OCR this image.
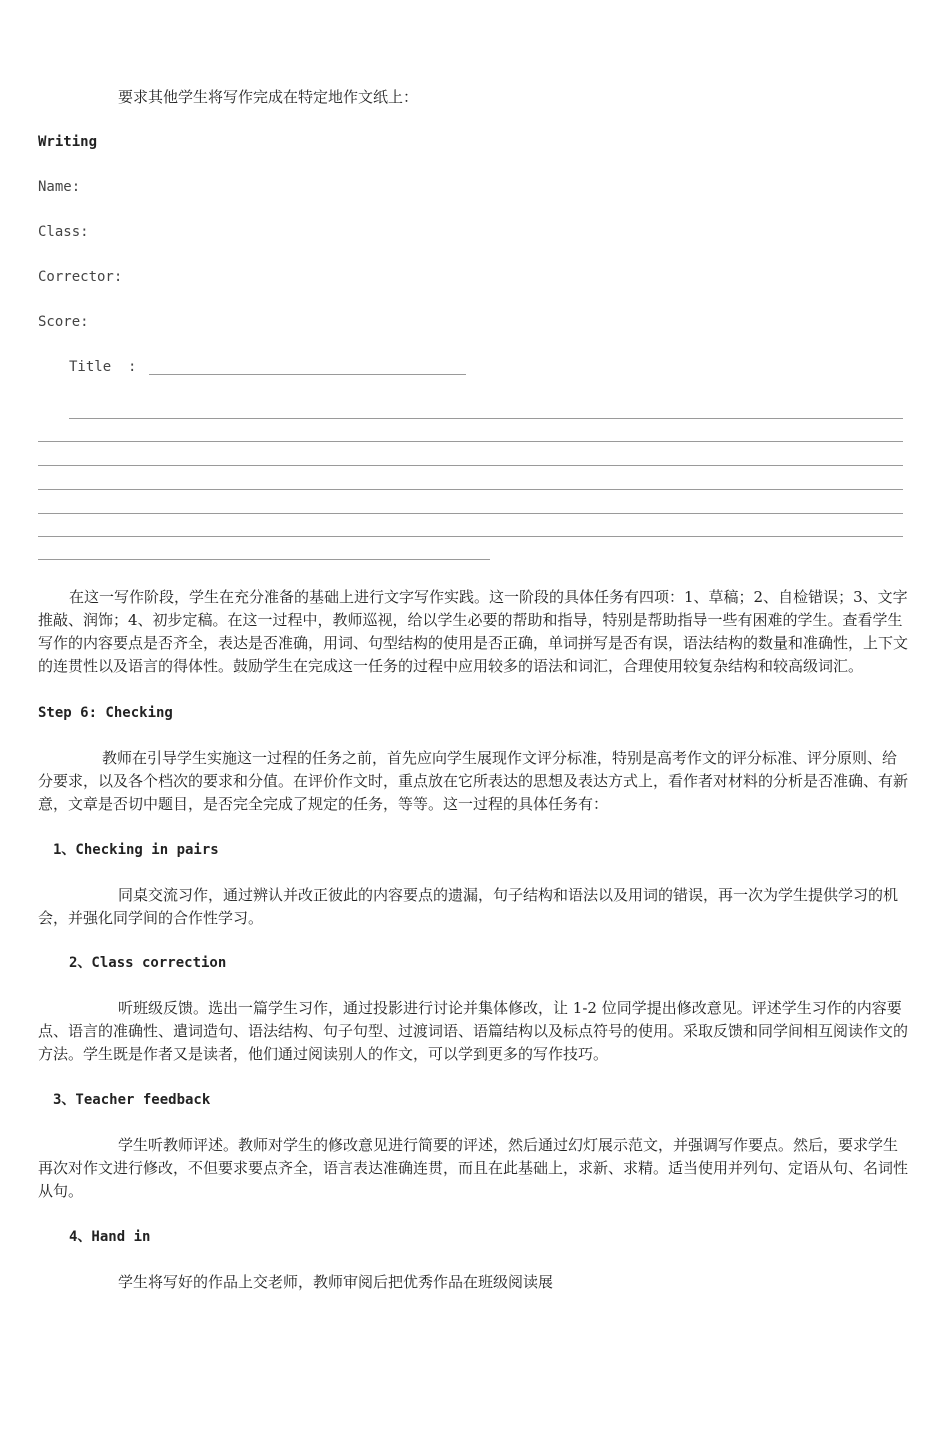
要求其他学生将写作完成在特定地作文纸上：

Writing

Name:

Class:

Corrector:

Score:

Title  :

在这一写作阶段，学生在充分准备的基础上进行文字写作实践。这一阶段的具体任务有四项：1、草稿；2、自检错误；3、文字推敲、润饰；4、初步定稿。在这一过程中，教师巡视，给以学生必要的帮助和指导，特别是帮助指导一些有困难的学生。查看学生写作的内容要点是否齐全，表达是否准确，用词、句型结构的使用是否正确，单词拼写是否有误，语法结构的数量和准确性，上下文的连贯性以及语言的得体性。鼓励学生在完成这一任务的过程中应用较多的语法和词汇，合理使用较复杂结构和较高级词汇。

Step 6: Checking

教师在引导学生实施这一过程的任务之前，首先应向学生展现作文评分标准，特别是高考作文的评分标准、评分原则、给分要求，以及各个档次的要求和分值。在评价作文时，重点放在它所表达的思想及表达方式上，看作者对材料的分析是否准确、有新意，文章是否切中题目，是否完全完成了规定的任务，等等。这一过程的具体任务有：

1、Checking in pairs

同桌交流习作，通过辨认并改正彼此的内容要点的遗漏，句子结构和语法以及用词的错误，再一次为学生提供学习的机会，并强化同学间的合作性学习。

2、Class correction

听班级反馈。选出一篇学生习作，通过投影进行讨论并集体修改，让 1-2 位同学提出修改意见。评述学生习作的内容要点、语言的准确性、遣词造句、语法结构、句子句型、过渡词语、语篇结构以及标点符号的使用。采取反馈和同学间相互阅读作文的方法。学生既是作者又是读者，他们通过阅读别人的作文，可以学到更多的写作技巧。

3、Teacher feedback

学生听教师评述。教师对学生的修改意见进行简要的评述，然后通过幻灯展示范文，并强调写作要点。然后，要求学生再次对作文进行修改，不但要求要点齐全，语言表达准确连贯，而且在此基础上，求新、求精。适当使用并列句、定语从句、名词性从句。

4、Hand in

学生将写好的作品上交老师，教师审阅后把优秀作品在班级阅读展
